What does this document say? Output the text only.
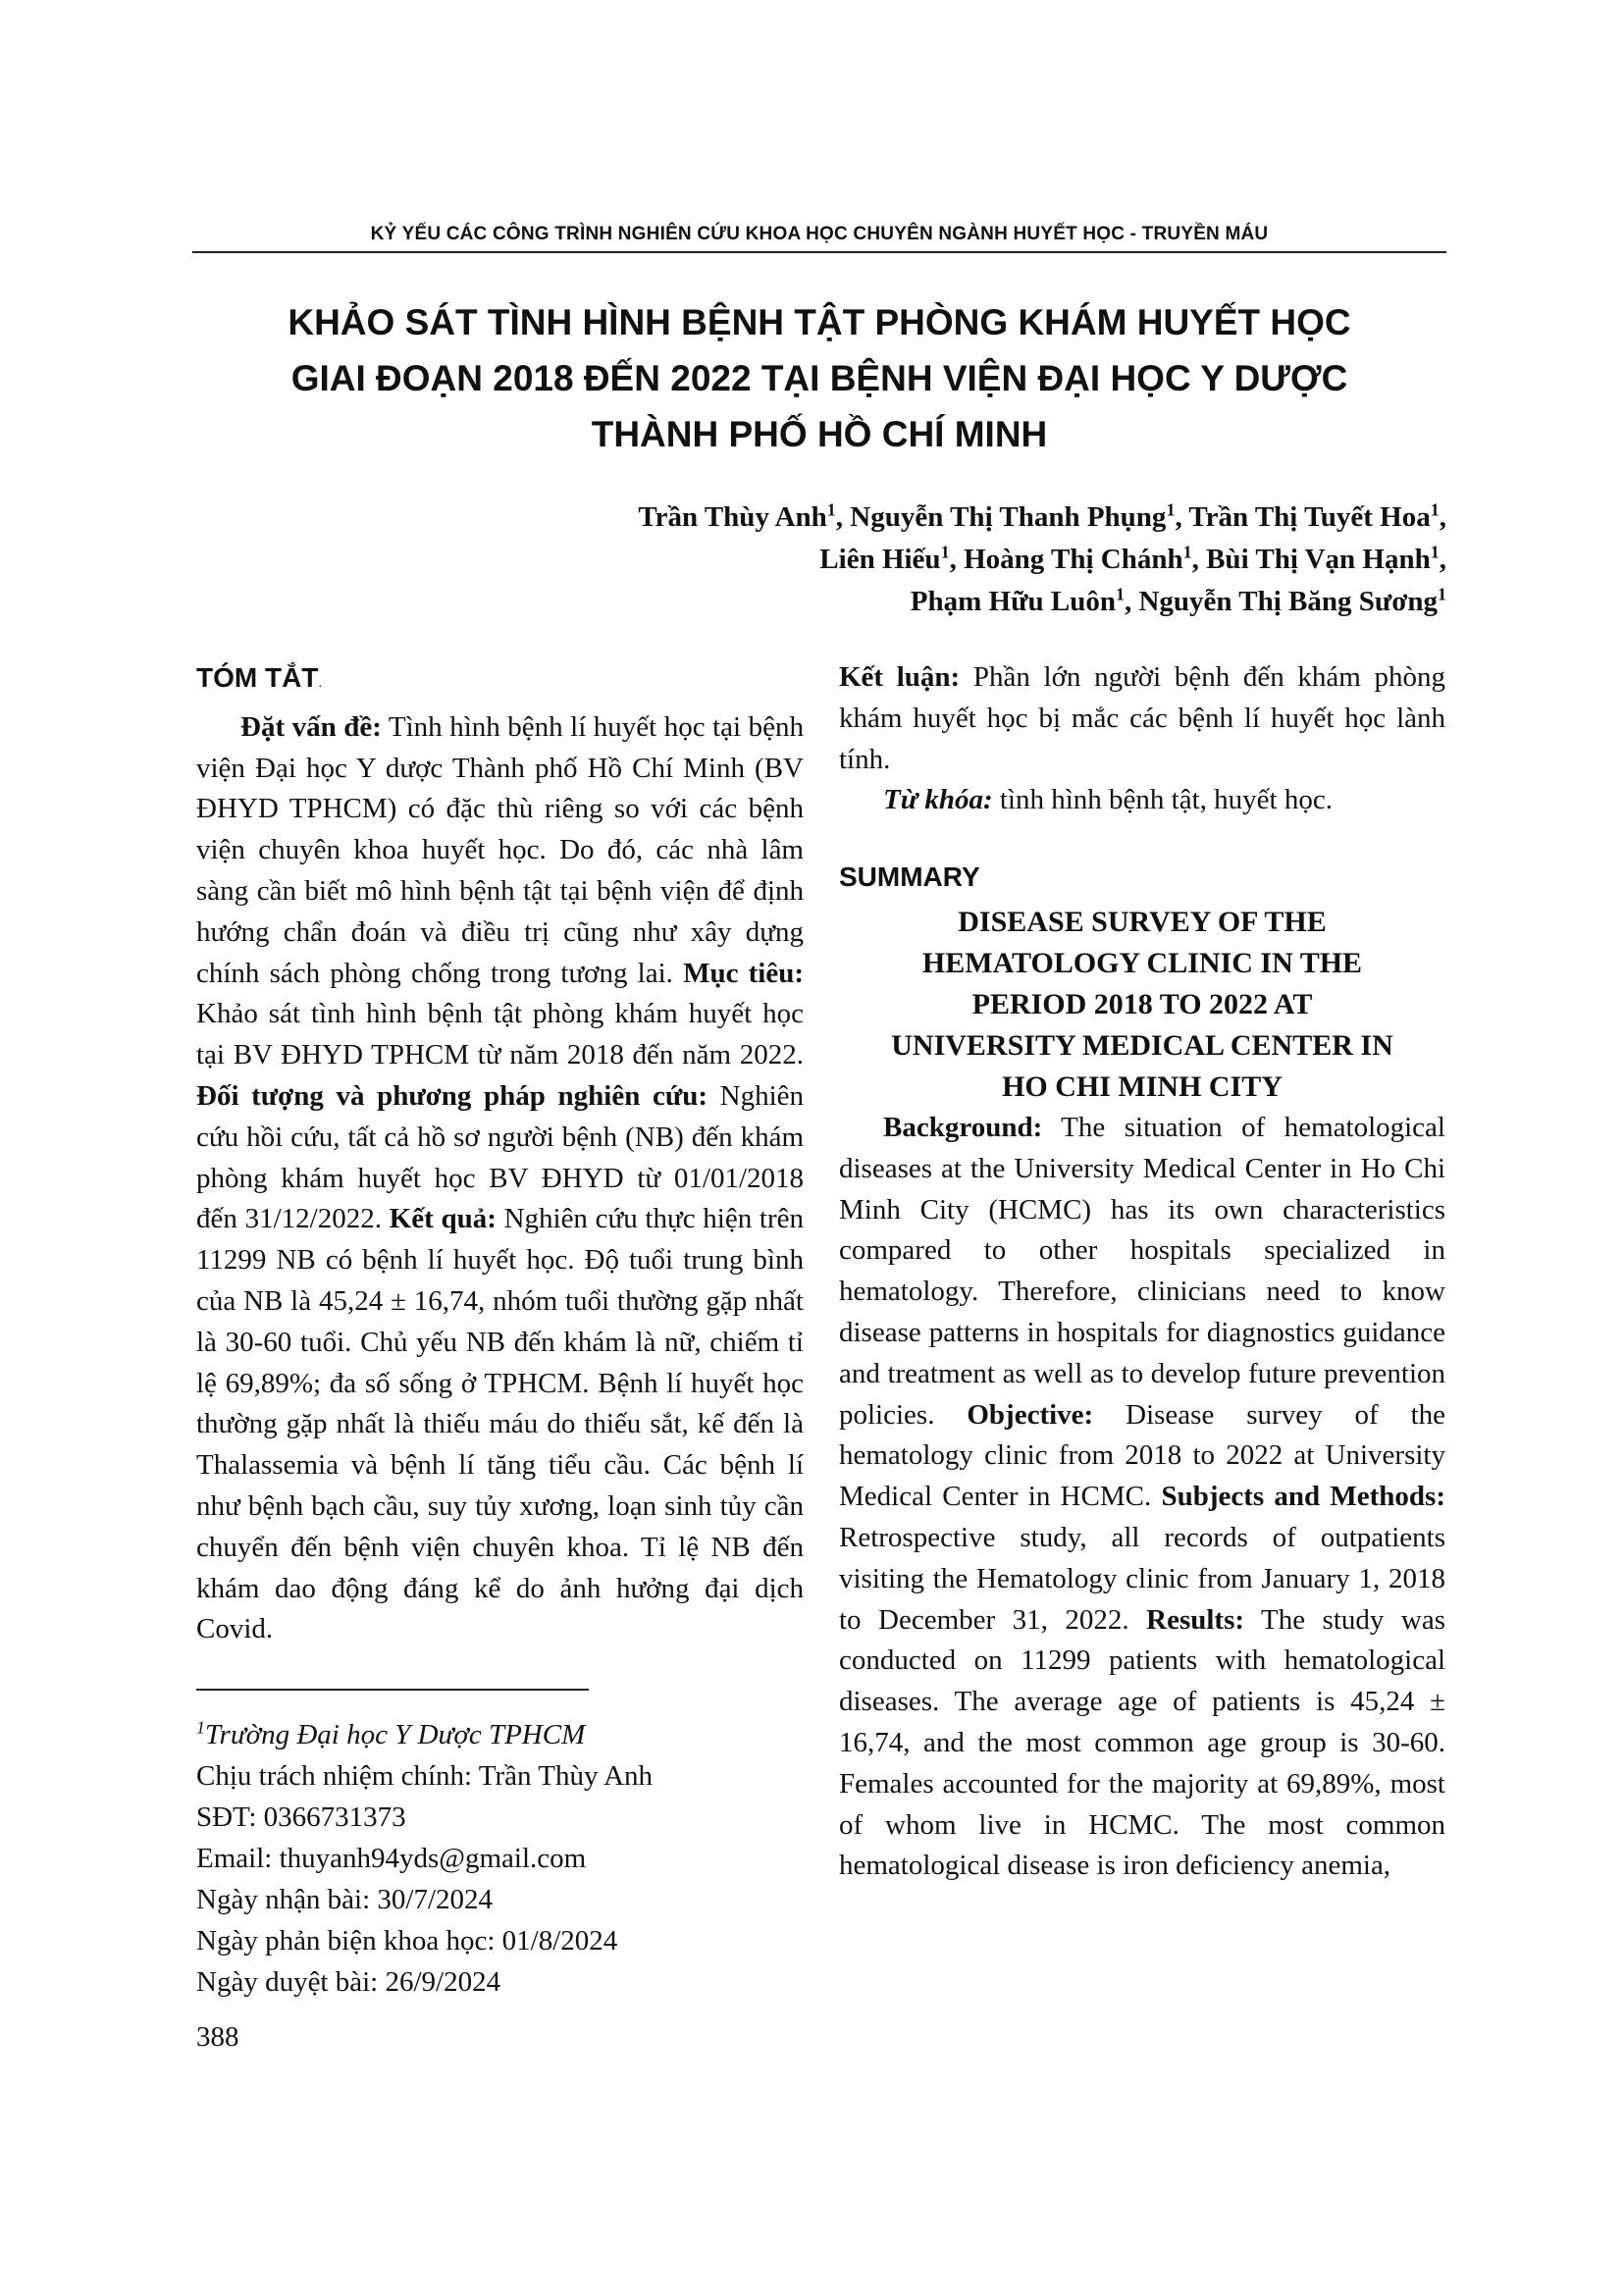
KỶ YẾU CÁC CÔNG TRÌNH NGHIÊN CỨU KHOA HỌC CHUYÊN NGÀNH HUYẾT HỌC - TRUYỀN MÁU
KHẢO SÁT TÌNH HÌNH BỆNH TẬT PHÒNG KHÁM HUYẾT HỌC
GIAI ĐOẠN 2018 ĐẾN 2022 TẠI BỆNH VIỆN ĐẠI HỌC Y DƯỢC
THÀNH PHỐ HỒ CHÍ MINH
Trần Thùy Anh$^1$, Nguyễn Thị Thanh Phụng$^1$, Trần Thị Tuyết Hoa$^1$,
Liên Hiếu$^1$, Hoàng Thị Chánh$^1$, Bùi Thị Vạn Hạnh$^1$,
Phạm Hữu Luôn$^1$, Nguyễn Thị Băng Sương$^1$
TÓM TẮT.

Đặt vấn đề: Tình hình bệnh lí huyết học tại bệnh viện Đại học Y dược Thành phố Hồ Chí Minh (BV ĐHYD TPHCM) có đặc thù riêng so với các bệnh viện chuyên khoa huyết học. Do đó, các nhà lâm sàng cần biết mô hình bệnh tật tại bệnh viện để định hướng chẩn đoán và điều trị cũng như xây dựng chính sách phòng chống trong tương lai. Mục tiêu: Khảo sát tình hình bệnh tật phòng khám huyết học tại BV ĐHYD TPHCM từ năm 2018 đến năm 2022. Đối tượng và phương pháp nghiên cứu: Nghiên cứu hồi cứu, tất cả hồ sơ người bệnh (NB) đến khám phòng khám huyết học BV ĐHYD từ 01/01/2018 đến 31/12/2022. Kết quả: Nghiên cứu thực hiện trên 11299 NB có bệnh lí huyết học. Độ tuổi trung bình của NB là 45,24 ± 16,74, nhóm tuổi thường gặp nhất là 30-60 tuổi. Chủ yếu NB đến khám là nữ, chiếm tỉ lệ 69,89%; đa số sống ở TPHCM. Bệnh lí huyết học thường gặp nhất là thiếu máu do thiếu sắt, kế đến là Thalassemia và bệnh lí tăng tiểu cầu. Các bệnh lí như bệnh bạch cầu, suy tủy xương, loạn sinh tủy cần chuyển đến bệnh viện chuyên khoa. Tỉ lệ NB đến khám dao động đáng kể do ảnh hưởng đại dịch Covid.

$^1$Trường Đại học Y Dược TPHCM
Chịu trách nhiệm chính: Trần Thùy Anh
SĐT: 0366731373
Email: thuyanh94yds@gmail.com
Ngày nhận bài: 30/7/2024
Ngày phản biện khoa học: 01/8/2024
Ngày duyệt bài: 26/9/2024

Kết luận: Phần lớn người bệnh đến khám phòng khám huyết học bị mắc các bệnh lí huyết học lành tính.

Từ khóa: tình hình bệnh tật, huyết học.

SUMMARY
DISEASE SURVEY OF THE
HEMATOLOGY CLINIC IN THE
PERIOD 2018 TO 2022 AT
UNIVERSITY MEDICAL CENTER IN
HO CHI MINH CITY

Background: The situation of hematological diseases at the University Medical Center in Ho Chi Minh City (HCMC) has its own characteristics compared to other hospitals specialized in hematology. Therefore, clinicians need to know disease patterns in hospitals for diagnostics guidance and treatment as well as to develop future prevention policies. Objective: Disease survey of the hematology clinic from 2018 to 2022 at University Medical Center in HCMC. Subjects and Methods: Retrospective study, all records of outpatients visiting the Hematology clinic from January 1, 2018 to December 31, 2022. Results: The study was conducted on 11299 patients with hematological diseases. The average age of patients is 45,24 ± 16,74, and the most common age group is 30-60. Females accounted for the majority at 69,89%, most of whom live in HCMC. The most common hematological disease is iron deficiency anemia,

388
